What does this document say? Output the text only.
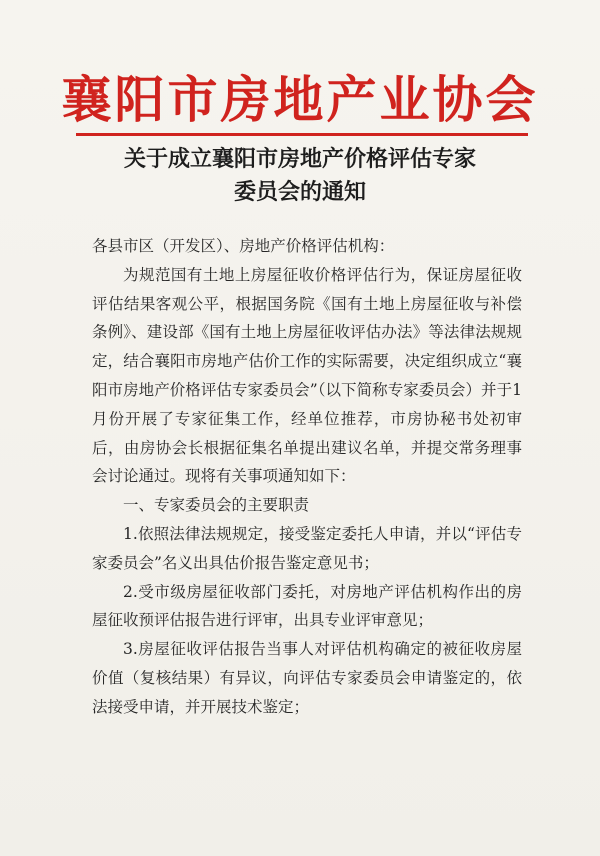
襄阳市房地产业协会
关于成立襄阳市房地产价格评估专家
委员会的通知

各县市区（开发区）、房地产价格评估机构：

为规范国有土地上房屋征收价格评估行为，保证房屋征收评估结果客观公平，根据国务院《国有土地上房屋征收与补偿条例》、建设部《国有土地上房屋征收评估办法》等法律法规规定，结合襄阳市房地产估价工作的实际需要，决定组织成立“襄阳市房地产价格评估专家委员会”（以下简称专家委员会）并于1月份开展了专家征集工作，经单位推荐，市房协秘书处初审后，由房协会长根据征集名单提出建议名单，并提交常务理事会讨论通过。现将有关事项通知如下：

一、专家委员会的主要职责

1.依照法律法规规定，接受鉴定委托人申请，并以“评估专家委员会”名义出具估价报告鉴定意见书；

2.受市级房屋征收部门委托，对房地产评估机构作出的房屋征收预评估报告进行评审，出具专业评审意见；

3.房屋征收评估报告当事人对评估机构确定的被征收房屋价值（复核结果）有异议，向评估专家委员会申请鉴定的，依法接受申请，并开展技术鉴定；
